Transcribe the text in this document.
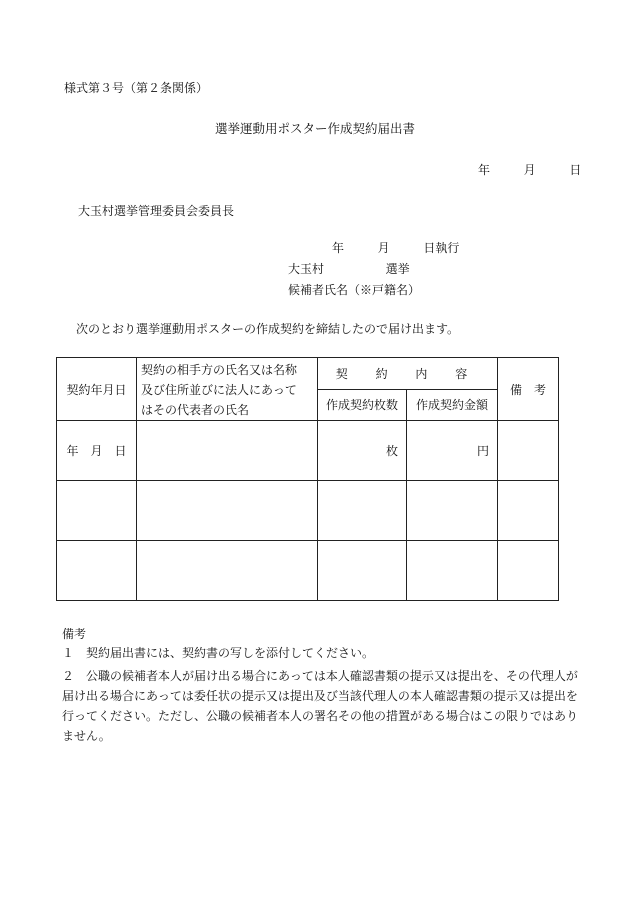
様式第３号（第２条関係）
選挙運動用ポスター作成契約届出書
年	月	日
大玉村選挙管理委員会委員長
年	月	日執行
大玉村	選挙
候補者氏名（※戸籍名）
次のとおり選挙運動用ポスターの作成契約を締結したので届け出ます。
契約年月日	契約の相手方の氏名又は名称
及び住所並びに法人にあって
はその代表者の氏名	契 約 内 容		備　考
		作成契約枚数	作成契約金額	
年　月　日		枚	円	

備考
１　契約届出書には、契約書の写しを添付してください。
２　公職の候補者本人が届け出る場合にあっては本人確認書類の提示又は提出を、その代理人が届け出る場合にあっては委任状の提示又は提出及び当該代理人の本人確認書類の提示又は提出を行ってください。ただし、公職の候補者本人の署名その他の措置がある場合はこの限りではありません。
